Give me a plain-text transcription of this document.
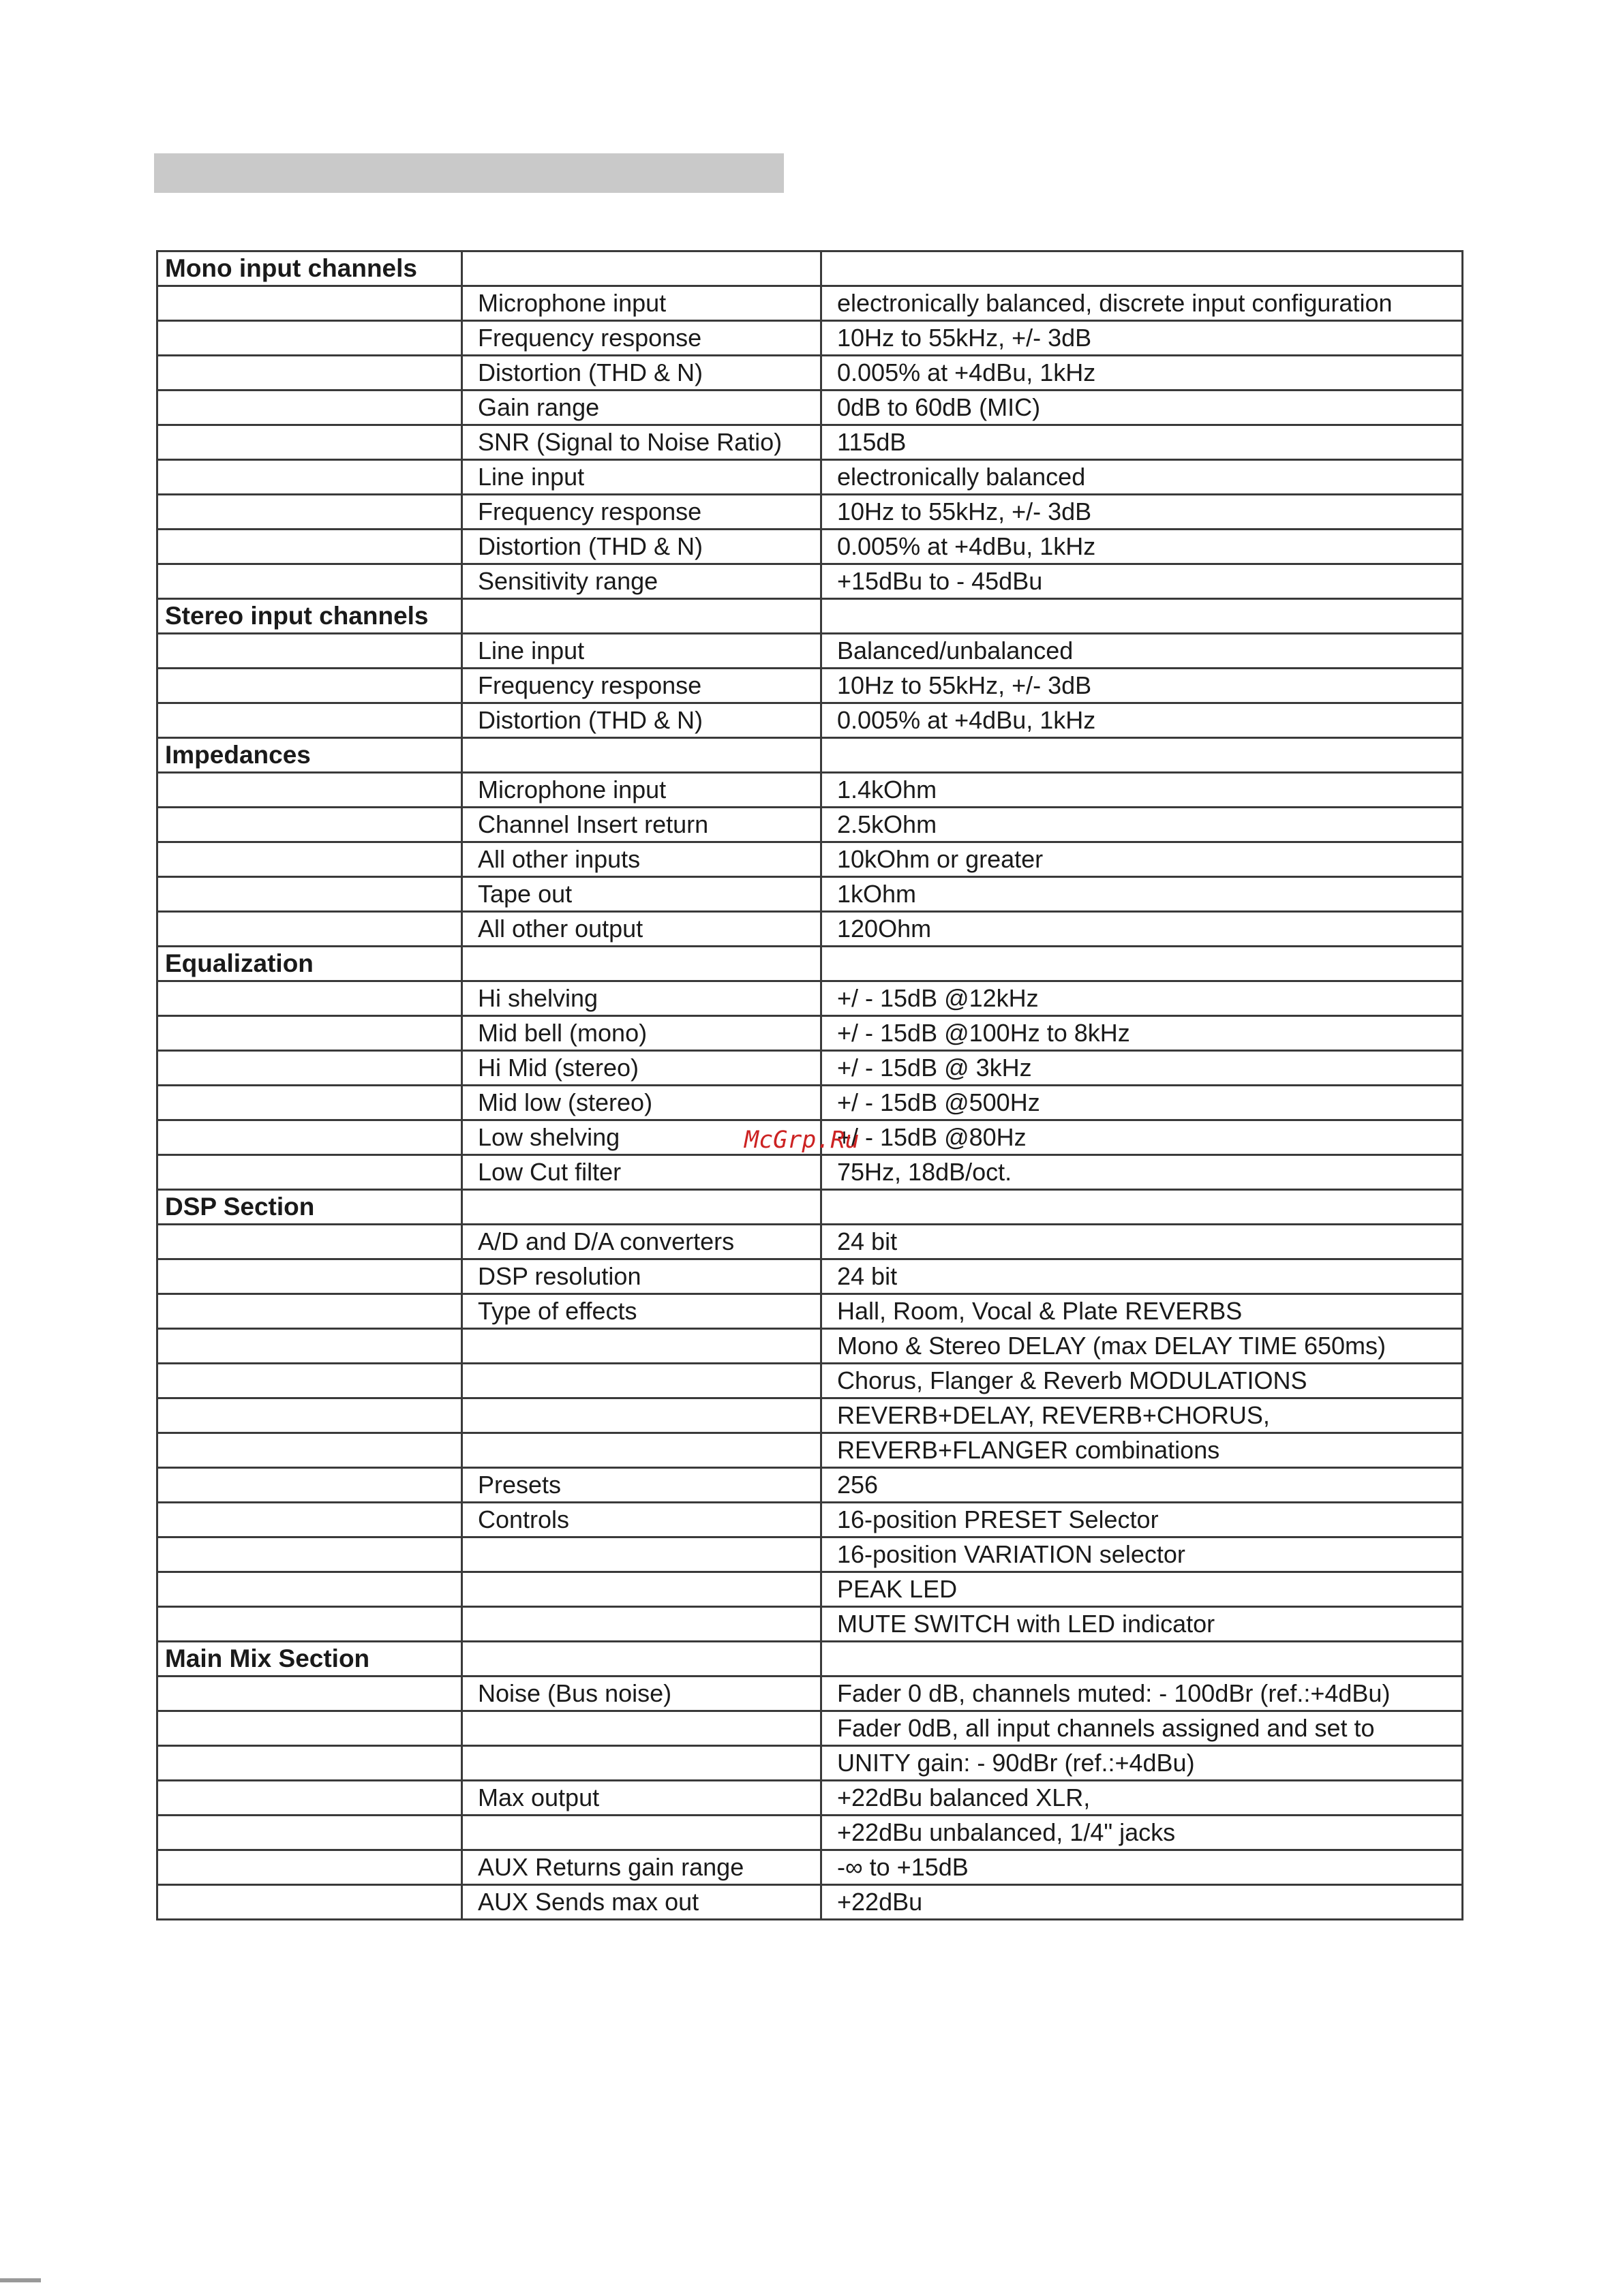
Mono input channels		
	Microphone input	electronically balanced, discrete input configuration
	Frequency response	10Hz to 55kHz, +/- 3dB
	Distortion (THD & N)	0.005% at +4dBu, 1kHz
	Gain range	0dB to 60dB (MIC)
	SNR (Signal to Noise Ratio)	115dB
	Line input	electronically balanced
	Frequency response	10Hz to 55kHz, +/- 3dB
	Distortion (THD & N)	0.005% at +4dBu, 1kHz
	Sensitivity range	+15dBu to - 45dBu
Stereo input channels		
	Line input	Balanced/unbalanced
	Frequency response	10Hz to 55kHz, +/- 3dB
	Distortion (THD & N)	0.005% at +4dBu, 1kHz
Impedances		
	Microphone input	1.4kOhm
	Channel Insert return	2.5kOhm
	All other inputs	10kOhm or greater
	Tape out	1kOhm
	All other output	120Ohm
Equalization		
	Hi shelving	+/ - 15dB @12kHz
	Mid bell (mono)	+/ - 15dB @100Hz to 8kHz
	Hi Mid (stereo)	+/ - 15dB @ 3kHz
	Mid low (stereo)	+/ - 15dB @500Hz
	Low shelving	+/ - 15dB @80Hz
	Low Cut filter	75Hz, 18dB/oct.
DSP Section		
	A/D and D/A converters	24 bit
	DSP resolution	24 bit
	Type of effects	Hall, Room, Vocal & Plate REVERBS
		Mono & Stereo DELAY (max DELAY TIME 650ms)
		Chorus, Flanger & Reverb MODULATIONS
		REVERB+DELAY, REVERB+CHORUS,
		REVERB+FLANGER combinations
	Presets	256
	Controls	16-position PRESET Selector
		16-position VARIATION selector
		PEAK LED
		MUTE SWITCH with LED indicator
Main Mix Section		
	Noise (Bus noise)	Fader 0 dB, channels muted: - 100dBr (ref.:+4dBu)
		Fader 0dB, all input channels assigned and set to
		UNITY gain: - 90dBr (ref.:+4dBu)
	Max output	+22dBu balanced XLR,
		+22dBu unbalanced, 1/4" jacks
	AUX Returns gain range	-∞ to +15dB
	AUX Sends max out	+22dBu
McGrp.Ru
